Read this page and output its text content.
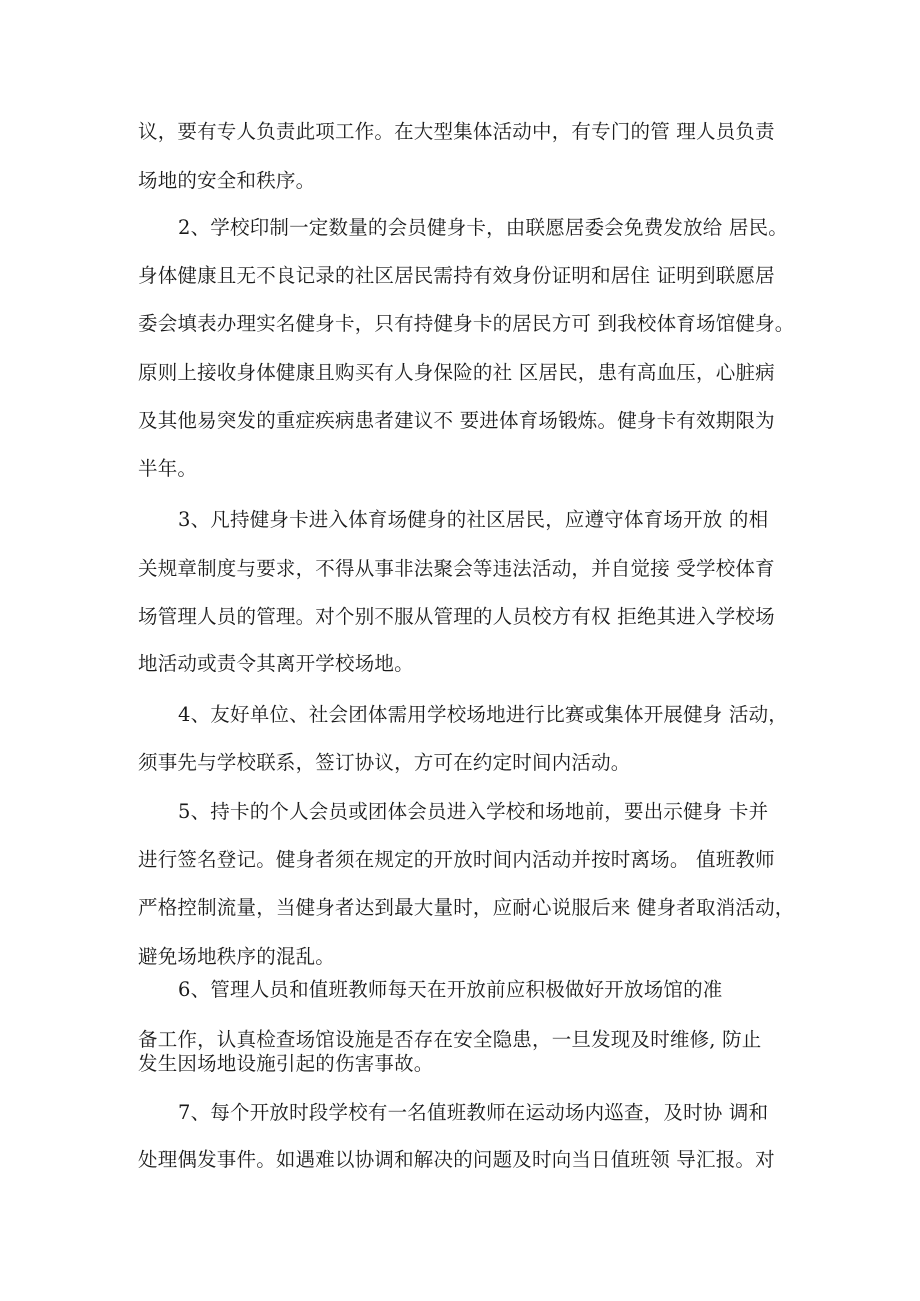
议，要有专人负责此项工作。在大型集体活动中，有专门的管 理人员负责
场地的安全和秩序。
2、学校印制一定数量的会员健身卡，由联愿居委会免费发放给 居民。
身体健康且无不良记录的社区居民需持有效身份证明和居住 证明到联愿居
委会填表办理实名健身卡，只有持健身卡的居民方可 到我校体育场馆健身。
原则上接收身体健康且购买有人身保险的社 区居民，患有高血压，心脏病
及其他易突发的重症疾病患者建议不 要进体育场锻炼。健身卡有效期限为
半年。
3、凡持健身卡进入体育场健身的社区居民，应遵守体育场开放 的相
关规章制度与要求，不得从事非法聚会等违法活动，并自觉接 受学校体育
场管理人员的管理。对个别不服从管理的人员校方有权 拒绝其进入学校场
地活动或责令其离开学校场地。
4、友好单位、社会团体需用学校场地进行比赛或集体开展健身 活动，
须事先与学校联系，签订协议，方可在约定时间内活动。
5、持卡的个人会员或团体会员进入学校和场地前，要出示健身 卡并
进行签名登记。健身者须在规定的开放时间内活动并按时离场。 值班教师
严格控制流量，当健身者达到最大量时，应耐心说服后来 健身者取消活动，
避免场地秩序的混乱。
6、管理人员和值班教师每天在开放前应积极做好开放场馆的准
备工作，认真检查场馆设施是否存在安全隐患，一旦发现及时维修, 防止
发生因场地设施引起的伤害事故。
7、每个开放时段学校有一名值班教师在运动场内巡查，及时协 调和
处理偶发事件。如遇难以协调和解决的问题及时向当日值班领 导汇报。对
